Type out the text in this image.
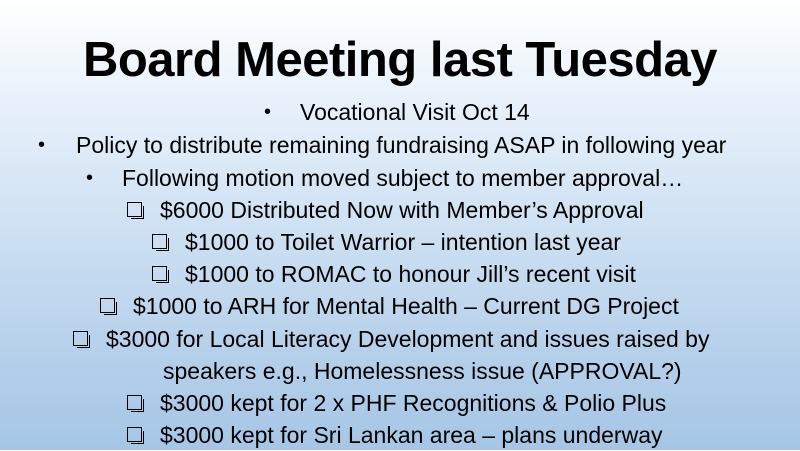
Board Meeting last Tuesday
• Vocational Visit Oct 14
• Policy to distribute remaining fundraising ASAP in following year
• Following motion moved subject to member approval…
$6000 Distributed Now with Member’s Approval
$1000 to Toilet Warrior – intention last year
$1000 to ROMAC to honour Jill’s recent visit
$1000 to ARH for Mental Health – Current DG Project
$3000 for Local Literacy Development and issues raised by
speakers e.g., Homelessness issue (APPROVAL?)
$3000 kept for 2 x PHF Recognitions & Polio Plus
$3000 kept for Sri Lankan area – plans underway
